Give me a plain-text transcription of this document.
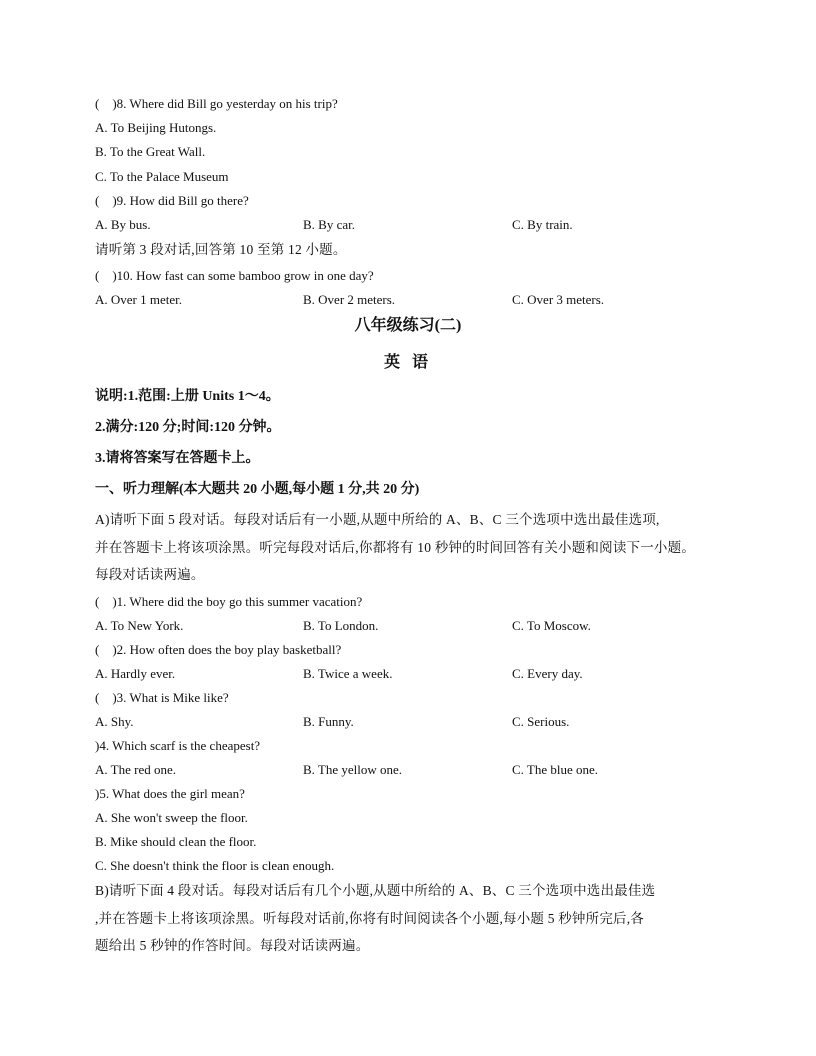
(    )8. Where did Bill go yesterday on his trip?
A. To Beijing Hutongs.
B. To the Great Wall.
C. To the Palace Museum
(    )9. How did Bill go there?
A. By bus.	B. By car.	C. By train.
请听第 3 段对话,回答第 10 至第 12 小题。
(    )10. How fast can some bamboo grow in one day?
A. Over 1 meter.	B. Over 2 meters.	C. Over 3 meters.
八年级练习(二)
英 语
说明:1.范围:上册 Units 1～4。
2.满分:120 分;时间:120 分钟。
3.请将答案写在答题卡上。
一、听力理解(本大题共 20 小题,每小题 1 分,共 20 分)
A)请听下面 5 段对话。每段对话后有一小题,从题中所给的 A、B、C 三个选项中选出最佳选项,
并在答题卡上将该项涂黑。听完每段对话后,你都将有 10 秒钟的时间回答有关小题和阅读下一小题。
每段对话读两遍。
(    )1. Where did the boy go this summer vacation?
A. To New York.	B. To London.	C. To Moscow.
(    )2. How often does the boy play basketball?
A. Hardly ever.	B. Twice a week.	C. Every day.
(    )3. What is Mike like?
A. Shy.	B. Funny.	C. Serious.
)4. Which scarf is the cheapest?
A. The red one.	B. The yellow one.	C. The blue one.
)5. What does the girl mean?
A. She won't sweep the floor.
B. Mike should clean the floor.
C. She doesn't think the floor is clean enough.
B)请听下面 4 段对话。每段对话后有几个小题,从题中所给的 A、B、C 三个选项中选出最佳选
,并在答题卡上将该项涂黑。听每段对话前,你将有时间阅读各个小题,每小题 5 秒钟所完后,各
题给出 5 秒钟的作答时间。每段对话读两遍。
